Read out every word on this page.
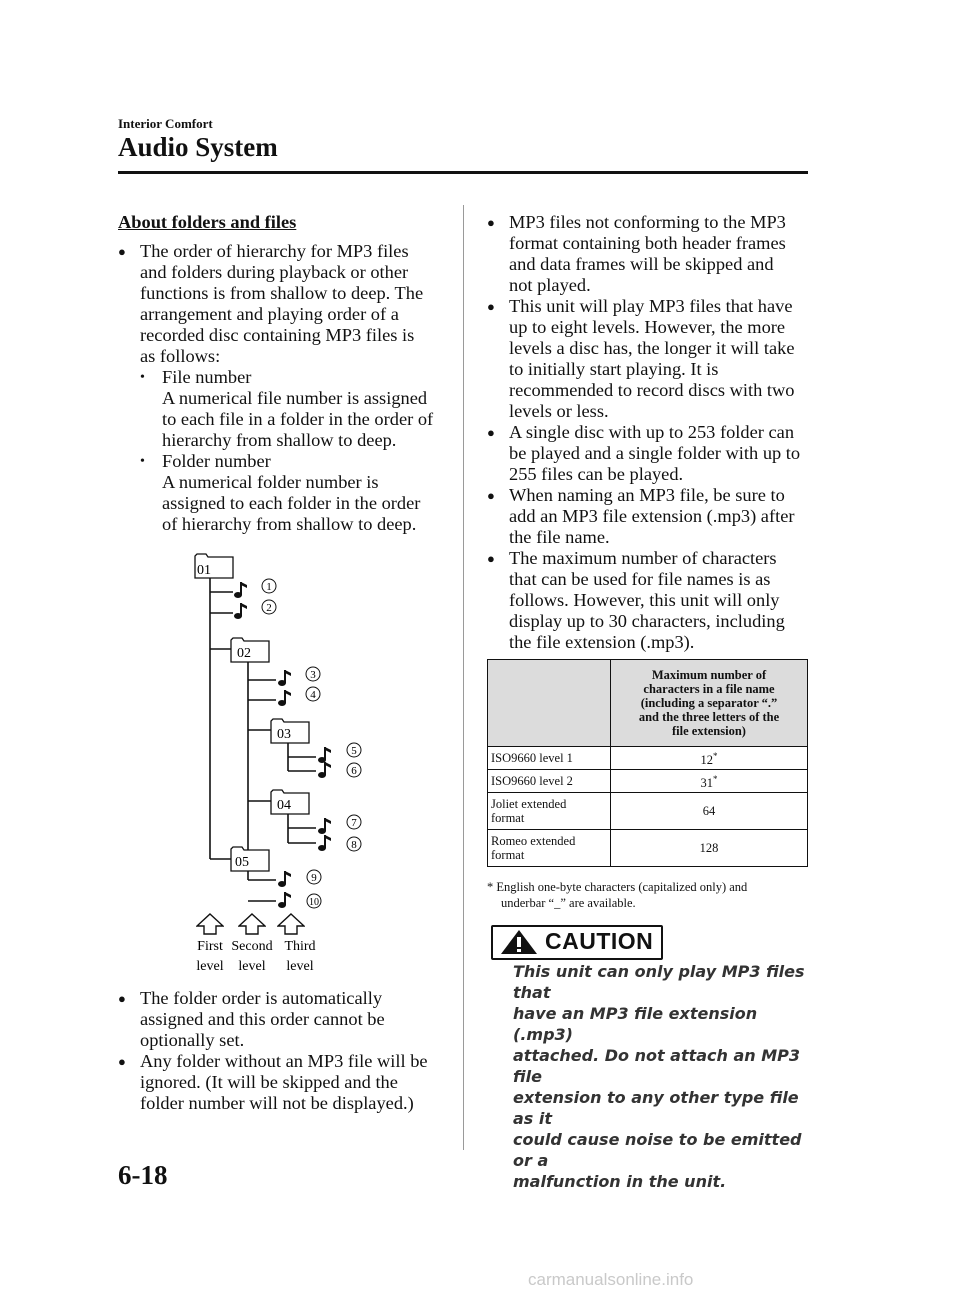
Interior Comfort
Audio System
About folders and files
● The order of hierarchy for MP3 files
and folders during playback or other
functions is from shallow to deep. The
arrangement and playing order of a
recorded disc containing MP3 files is
as follows:
• File number
A numerical file number is assigned
to each file in a folder in the order of
hierarchy from shallow to deep.
• Folder number
A numerical folder number is
assigned to each folder in the order
of hierarchy from shallow to deep.
01
02
03
04
05
1
2
3
4
5
6
7
8
9
10
First
level
Second
level
Third
level
● The folder order is automatically
assigned and this order cannot be
optionally set.
● Any folder without an MP3 file will be
ignored. (It will be skipped and the
folder number will not be displayed.)
● MP3 files not conforming to the MP3
format containing both header frames
and data frames will be skipped and
not played.
● This unit will play MP3 files that have
up to eight levels. However, the more
levels a disc has, the longer it will take
to initially start playing. It is
recommended to record discs with two
levels or less.
● A single disc with up to 253 folder can
be played and a single folder with up to
255 files can be played.
● When naming an MP3 file, be sure to
add an MP3 file extension (.mp3) after
the file name.
● The maximum number of characters
that can be used for file names is as
follows. However, this unit will only
display up to 30 characters, including
the file extension (.mp3).

	Maximum number of
characters in a file name
(including a separator “.”
and the three letters of the
file extension)

ISO9660 level 1	12*
ISO9660 level 2	31*

Joliet extended
format	64

Romeo extended
format	128
* English one-byte characters (capitalized only) and
underbar “_” are available.
CAUTION
This unit can only play MP3 files that
have an MP3 file extension (.mp3)
attached. Do not attach an MP3 file
extension to any other type file as it
could cause noise to be emitted or a
malfunction in the unit.
6-18
carmanualsonline.info
